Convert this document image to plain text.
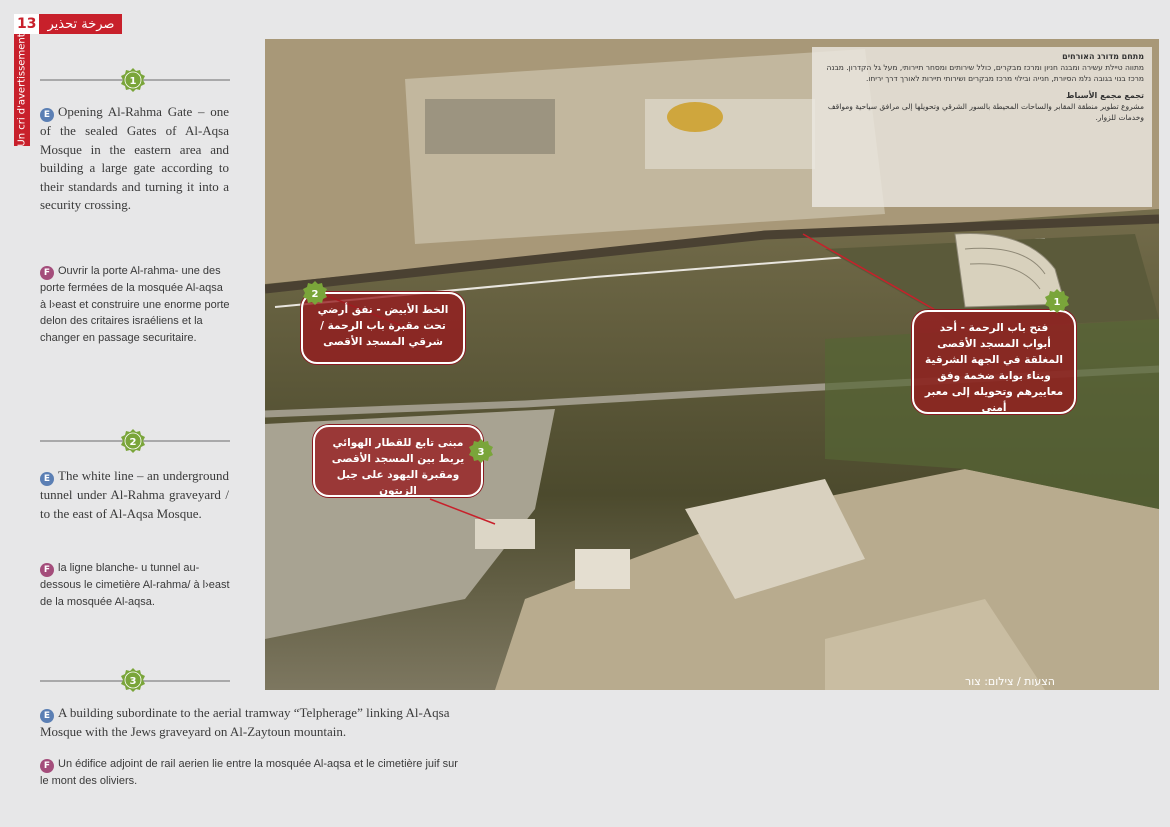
13 صرخة تحذير
Un cri d'avertissement	1
E Opening Al-Rahma Gate – one of the sealed Gates of Al-Aqsa Mosque in the eastern area and building a large gate according to their standards and turning it into a security crossing.
F Ouvrir la porte Al-rahma- une des porte fermées de la mosquée Al-aqsa à l›east et construire une enorme porte delon des critaires israéliens et la changer en passage securitaire.
2
E The white line – an underground tunnel under Al-Rahma graveyard / to the east of Al-Aqsa Mosque.
F la ligne blanche- u tunnel au-dessous le cimetière Al-rahma/ à l›east de la mosquée Al-aqsa.
3
E A building subordinate to the aerial tramway “Telpherage” linking Al-Aqsa Mosque with the Jews graveyard on Al-Zaytoun mountain.
F Un édifice adjoint de rail aerien lie entre la mosquée Al-aqsa et le cimetière juif sur le mont des oliviers.
מתחם מדורג האורחים
מתווה טיילת עשירה ומבנה חניון ומרכז מבקרים, כולל שירותים ומסחר תיירותי, מעל גל הקדרון. מבנה מרכז בנוי בגובה נלמ הסיורת, חנייה ובילוי מרכז מבקרים ושירותי תיירות לאורך דרך יריחו.
تجمع مجمع الأسباط
مشروع تطوير منطقة المقابر والساحات المحيطة بالسور الشرقي وتحويلها إلى مرافق سياحية ومواقف وخدمات للزوار.
فتح باب الرحمة - أحد أبواب المسجد الأقصى المغلقة في الجهة الشرقية وبناء بوابة ضخمة وفق معاييرهم وتحويله إلى معبر أمني
1
الخط الأبيض - نفق أرضي تحت مقبرة باب الرحمة / شرقي المسجد الأقصى
2
مبنى تابع للقطار الهوائي يربط بين المسجد الأقصى ومقبرة اليهود على جبل الزيتون
3
הצעות / צילום: צור
